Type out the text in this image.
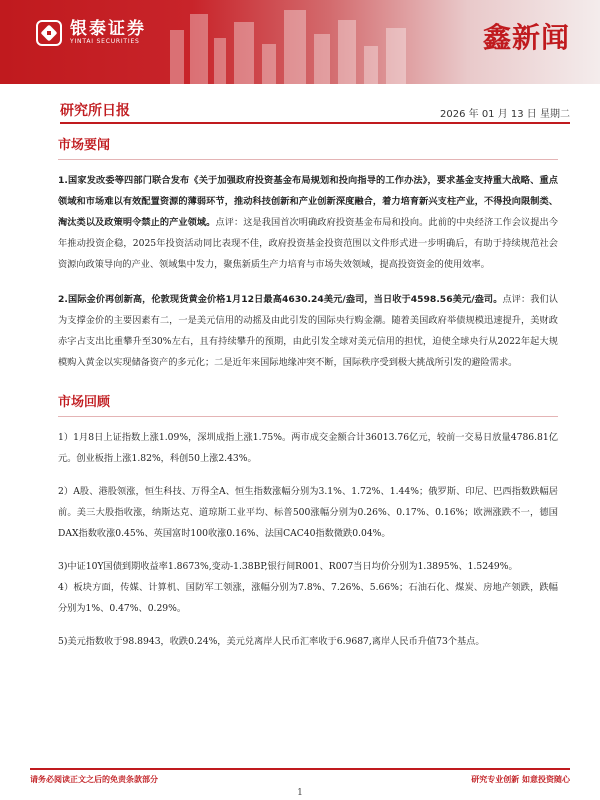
银泰证券
YINTAI SECURITIES	鑫新闻
研究所日报	2026 年 01 月 13 日 星期二
市场要闻

1.国家发改委等四部门联合发布《关于加强政府投资基金布局规划和投向指导的工作办法》，要求基金支持重大战略、重点领域和市场难以有效配置资源的薄弱环节，推动科技创新和产业创新深度融合，着力培育新兴支柱产业，不得投向限制类、淘汰类以及政策明令禁止的产业领域。点评：这是我国首次明确政府投资基金布局和投向。此前的中央经济工作会议提出今年推动投资企稳，2025年投资活动同比表现不佳，政府投资基金投资范围以文件形式进一步明确后，有助于持续规范社会资源向政策导向的产业、领域集中发力，聚焦新质生产力培育与市场失效领域，提高投资资金的使用效率。

2.国际金价再创新高，伦敦现货黄金价格1月12日最高4630.24美元/盎司，当日收于4598.56美元/盎司。点评：我们认为支撑金价的主要因素有二，一是美元信用的动摇及由此引发的国际央行购金潮。随着美国政府举债规模迅速提升，美财政赤字占支出比重攀升至30%左右，且有持续攀升的预期，由此引发全球对美元信用的担忧，迫使全球央行从2022年起大规模购入黄金以实现储备资产的多元化；二是近年来国际地缘冲突不断，国际秩序受到极大挑战所引发的避险需求。

市场回顾

1）1月8日上证指数上涨1.09%，深圳成指上涨1.75%。两市成交金额合计36013.76亿元，较前一交易日放量4786.81亿元。创业板指上涨1.82%，科创50上涨2.43%。

2）A股、港股领涨，恒生科技、万得全A、恒生指数涨幅分别为3.1%、1.72%、1.44%；俄罗斯、印尼、巴西指数跌幅居前。美三大股指收涨，纳斯达克、道琼斯工业平均、标普500涨幅分别为0.26%、0.17%、0.16%；欧洲涨跌不一，德国DAX指数收涨0.45%、英国富时100收涨0.16%、法国CAC40指数微跌0.04%。

3)中证10Y国债到期收益率1.8673%,变动-1.38BP,银行间R001、R007当日均价分别为1.3895%、1.5249%。

4）板块方面，传媒、计算机、国防军工领涨，涨幅分别为7.8%、7.26%、5.66%；石油石化、煤炭、房地产领跌，跌幅分别为1%、0.47%、0.29%。

5)美元指数收于98.8943，收跌0.24%，美元兑离岸人民币汇率收于6.9687,离岸人民币升值73个基点。

请务必阅读正文之后的免责条款部分	研究专业创新 如意投资随心
1
